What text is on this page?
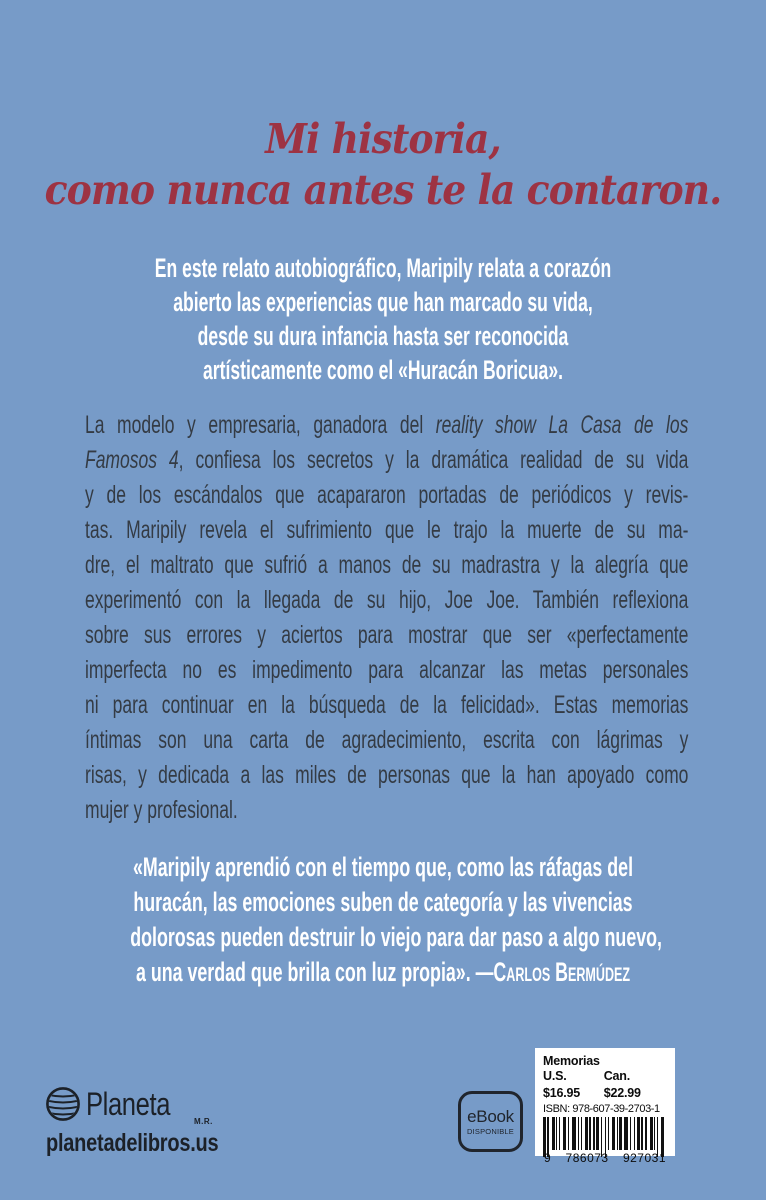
Mi historia,
como nunca antes te la contaron.
En este relato autobiográfico, Maripily relata a corazón
abierto las experiencias que han marcado su vida,
desde su dura infancia hasta ser reconocida
artísticamente como el «Huracán Boricua».
La modelo y empresaria, ganadora del reality show La Casa de los
Famosos 4, confiesa los secretos y la dramática realidad de su vida
y de los escándalos que acapararon portadas de periódicos y revis-
tas. Maripily revela el sufrimiento que le trajo la muerte de su ma-
dre, el maltrato que sufrió a manos de su madrastra y la alegría que
experimentó con la llegada de su hijo, Joe Joe. También reflexiona
sobre sus errores y aciertos para mostrar que ser «perfectamente
imperfecta no es impedimento para alcanzar las metas personales
ni para continuar en la búsqueda de la felicidad». Estas memorias
íntimas son una carta de agradecimiento, escrita con lágrimas y
risas, y dedicada a las miles de personas que la han apoyado como
mujer y profesional.
«Maripily aprendió con el tiempo que, como las ráfagas del
huracán, las emociones suben de categoría y las vivencias
dolorosas pueden destruir lo viejo para dar paso a algo nuevo,
a una verdad que brilla con luz propia». —Carlos Bermúdez
Planeta	M.R.
planetadelibros.us
eBook
DISPONIBLE
Memorias
U.S. $16.95
Can. $22.99
ISBN: 978-607-39-2703-1
9 786073 927031
